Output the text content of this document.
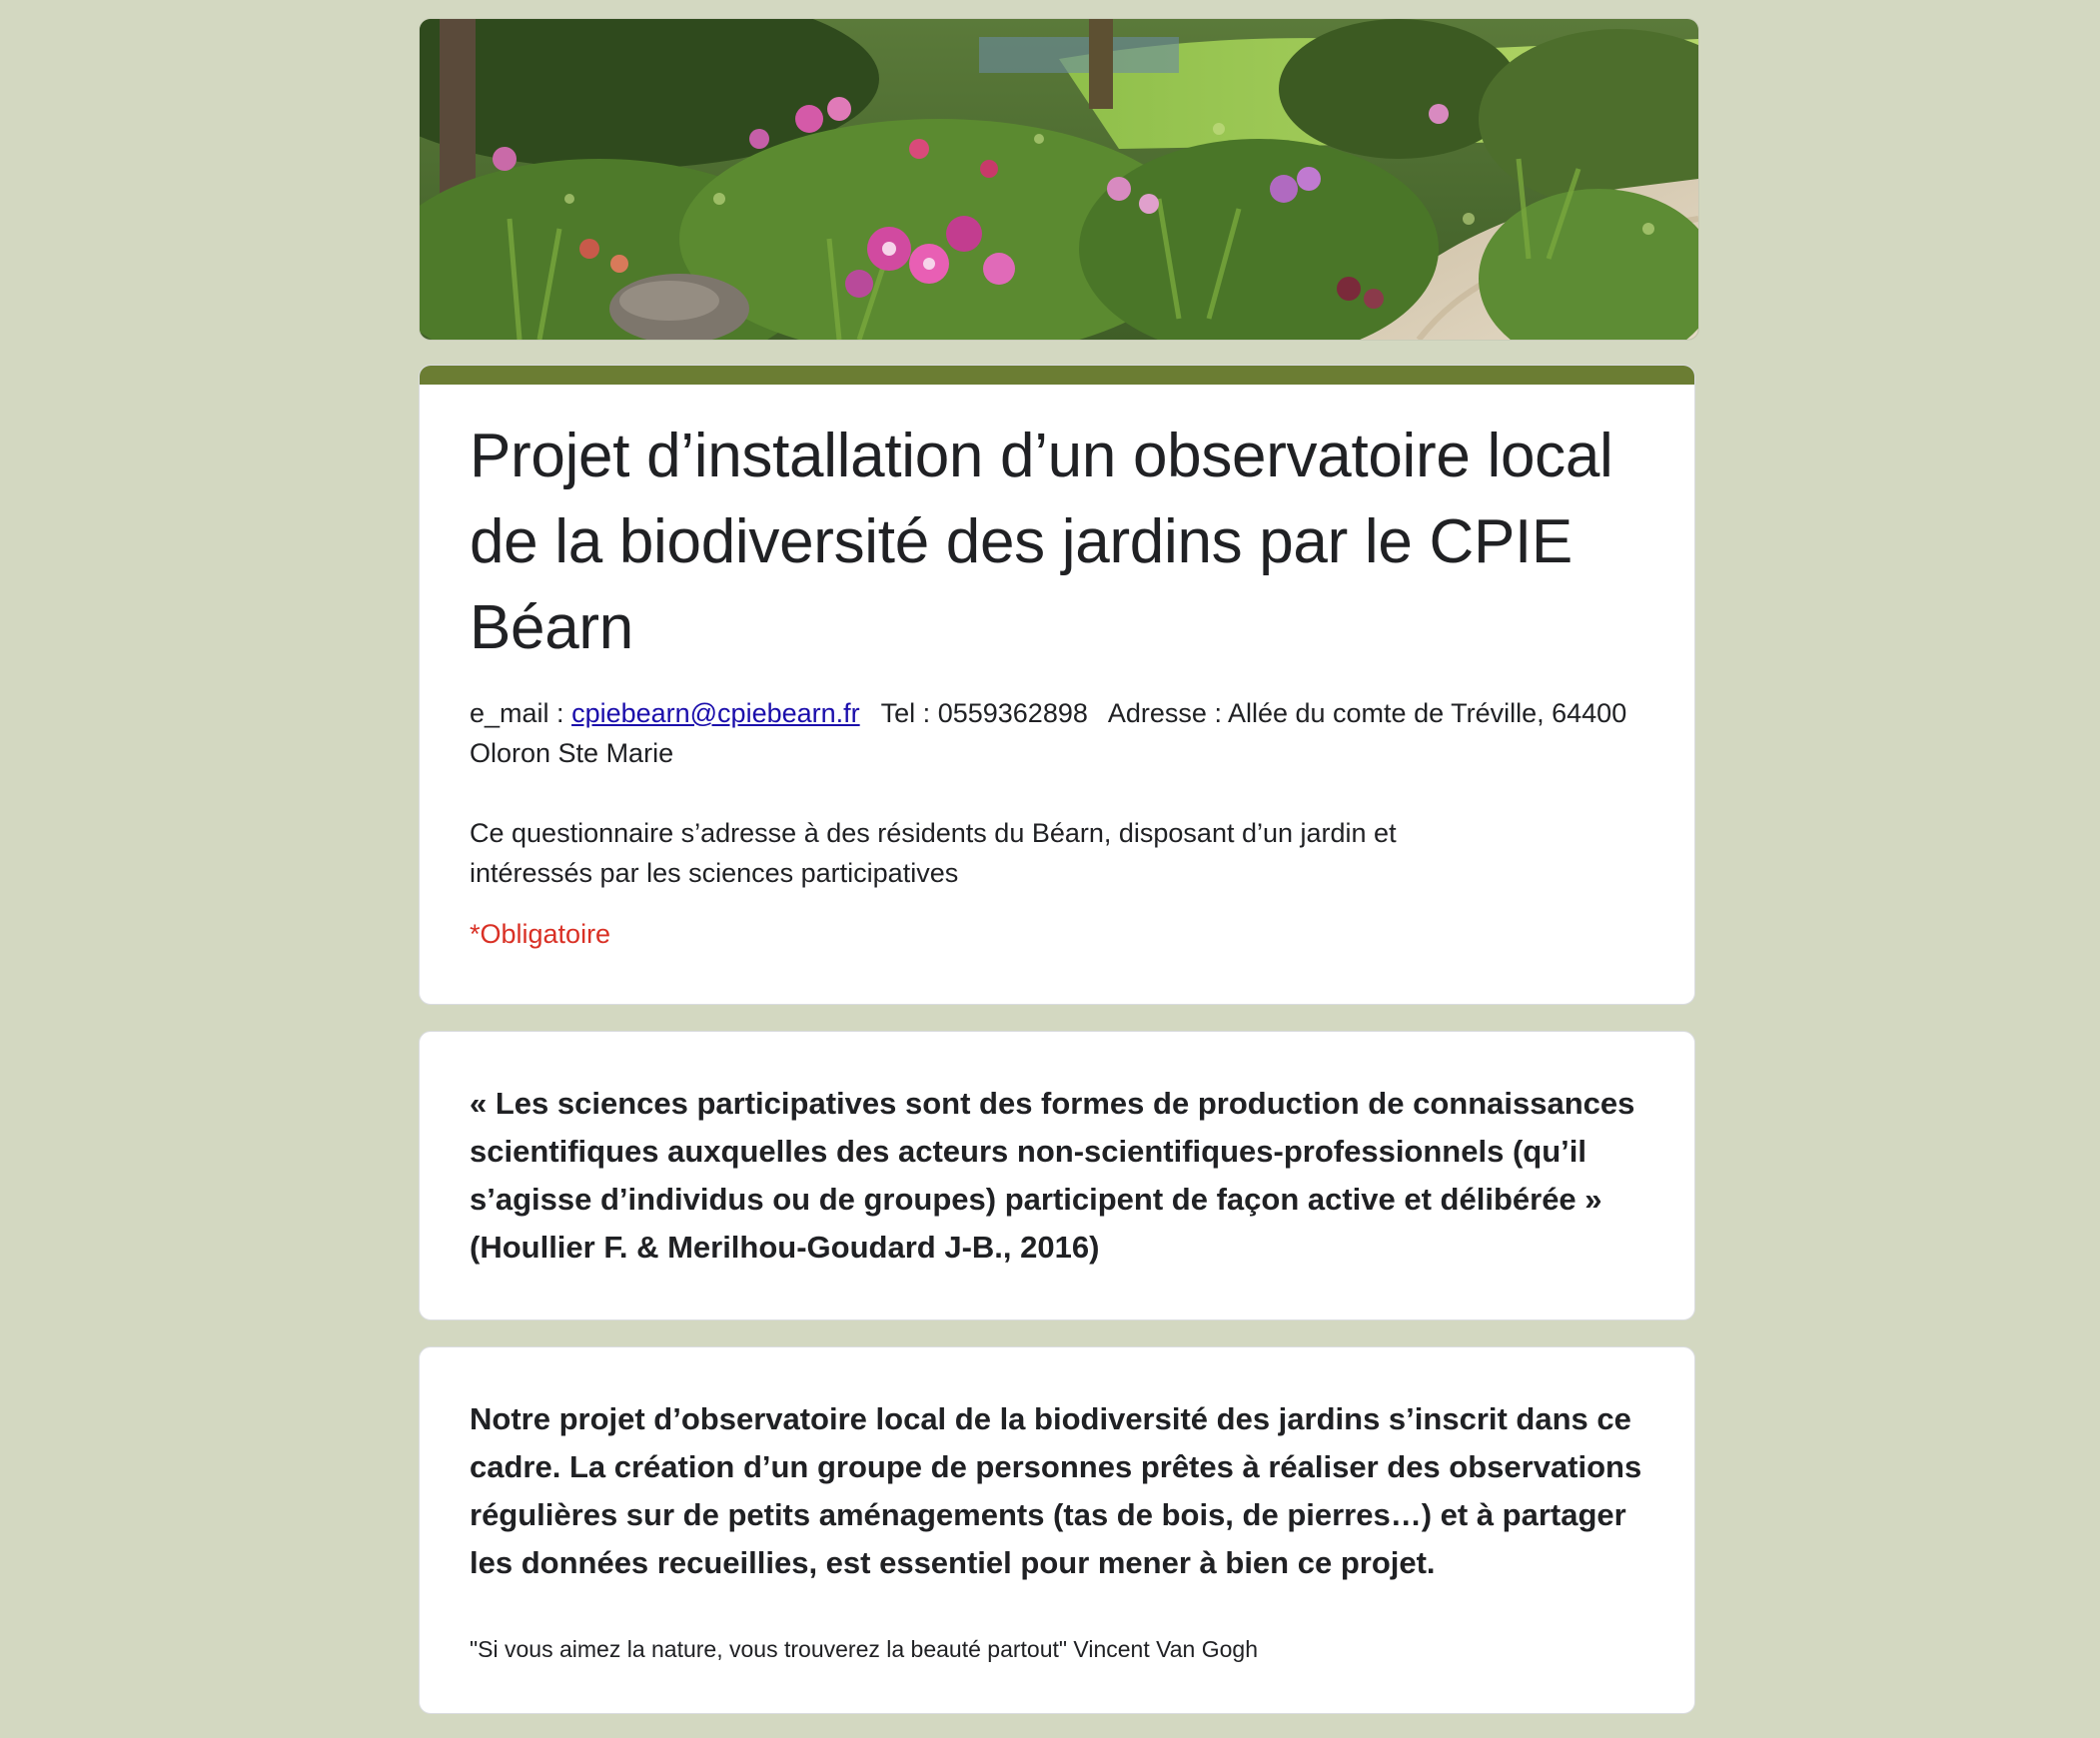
Projet d’installation d’un observatoire local de la biodiversité des jardins par le CPIE Béarn
e_mail : cpiebearn@cpiebearn.fr Tel : 0559362898 Adresse : Allée du comte de Tréville, 64400 Oloron Ste Marie
Ce questionnaire s’adresse à des résidents du Béarn, disposant d’un jardin et intéressés par les sciences participatives
*Obligatoire
« Les sciences participatives sont des formes de production de connaissances scientifiques auxquelles des acteurs non-scientifiques-professionnels (qu’il s’agisse d’individus ou de groupes) participent de façon active et délibérée » (Houllier F. & Merilhou-Goudard J-B., 2016)
Notre projet d’observatoire local de la biodiversité des jardins s’inscrit dans ce cadre. La création d’un groupe de personnes prêtes à réaliser des observations régulières sur de petits aménagements (tas de bois, de pierres…) et à partager les données recueillies, est essentiel pour mener à bien ce projet.
"Si vous aimez la nature, vous trouverez la beauté partout" Vincent Van Gogh
